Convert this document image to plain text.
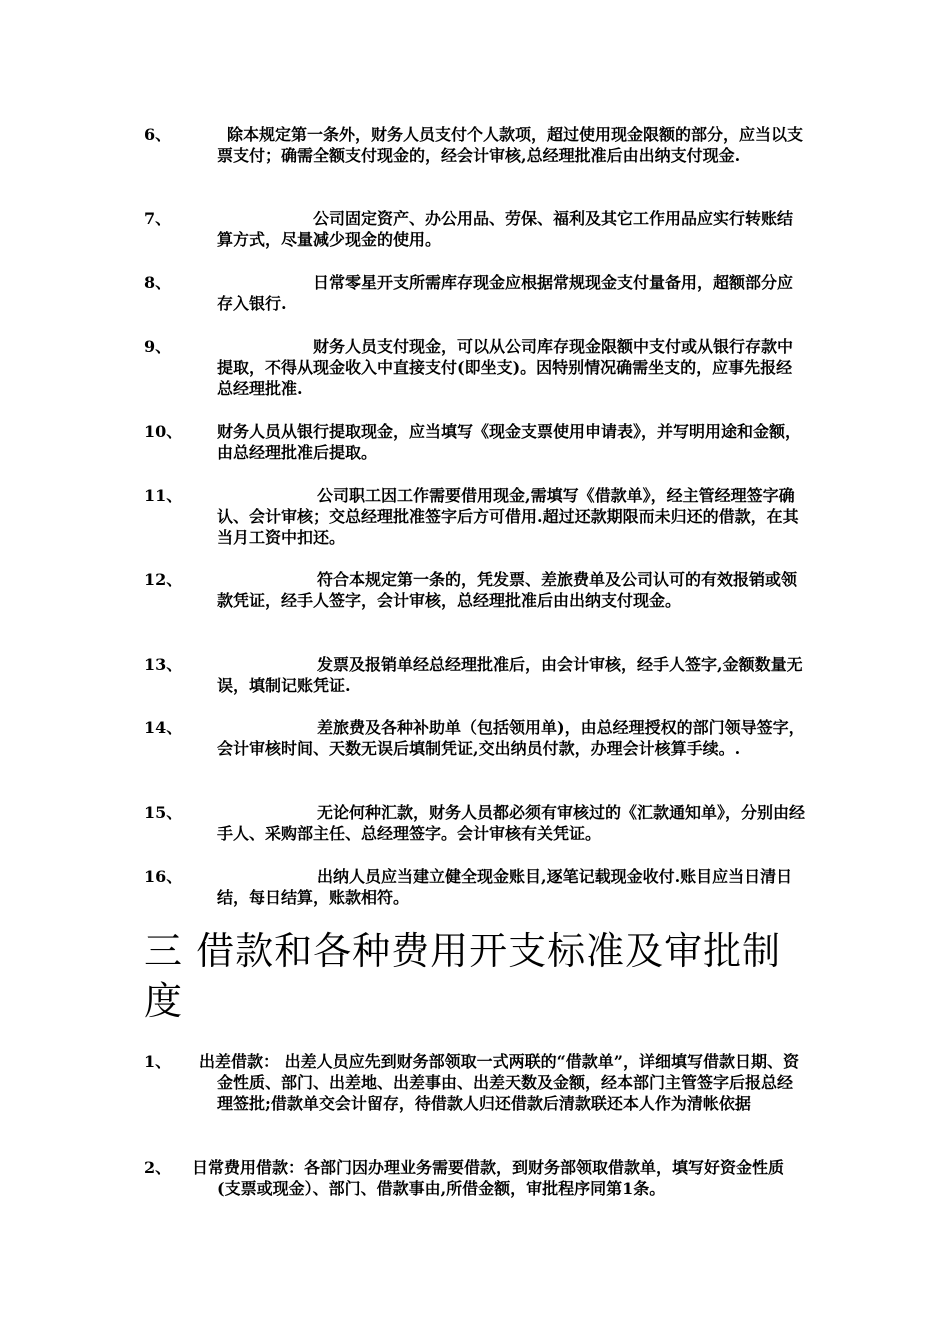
6、	除本规定第一条外，财务人员支付个人款项，超过使用现金限额的部分，应当以支票支付；确需全额支付现金的，经会计审核,总经理批准后由出纳支付现金.
7、	公司固定资产、办公用品、劳保、福利及其它工作用品应实行转账结算方式，尽量减少现金的使用。
8、	日常零星开支所需库存现金应根据常规现金支付量备用，超额部分应存入银行.
9、	财务人员支付现金，可以从公司库存现金限额中支付或从银行存款中提取，不得从现金收入中直接支付(即坐支)。因特别情况确需坐支的，应事先报经总经理批准.
10、	财务人员从银行提取现金，应当填写《现金支票使用申请表》，并写明用途和金额，由总经理批准后提取。
11、	公司职工因工作需要借用现金,需填写《借款单》，经主管经理签字确认、会计审核；交总经理批准签字后方可借用.超过还款期限而未归还的借款，在其当月工资中扣还。
12、	符合本规定第一条的，凭发票、差旅费单及公司认可的有效报销或领款凭证，经手人签字，会计审核，总经理批准后由出纳支付现金。
13、	发票及报销单经总经理批准后，由会计审核，经手人签字,金额数量无误，填制记账凭证.
14、	差旅费及各种补助单（包括领用单)，由总经理授权的部门领导签字，会计审核时间、天数无误后填制凭证,交出纳员付款，办理会计核算手续。.
15、	无论何种汇款，财务人员都必须有审核过的《汇款通知单》，分别由经手人、采购部主任、总经理签字。会计审核有关凭证。
16、	出纳人员应当建立健全现金账目,逐笔记载现金收付.账目应当日清日结，每日结算，账款相符。
三 借款和各种费用开支标准及审批制度
1、	出差借款： 出差人员应先到财务部领取一式两联的“借款单”，详细填写借款日期、资金性质、部门、出差地、出差事由、出差天数及金额，经本部门主管签字后报总经理签批;借款单交会计留存，待借款人归还借款后清款联还本人作为清帐依据
2、	日常费用借款：各部门因办理业务需要借款，到财务部领取借款单，填写好资金性质(支票或现金）、部门、借款事由,所借金额，审批程序同第1条。
